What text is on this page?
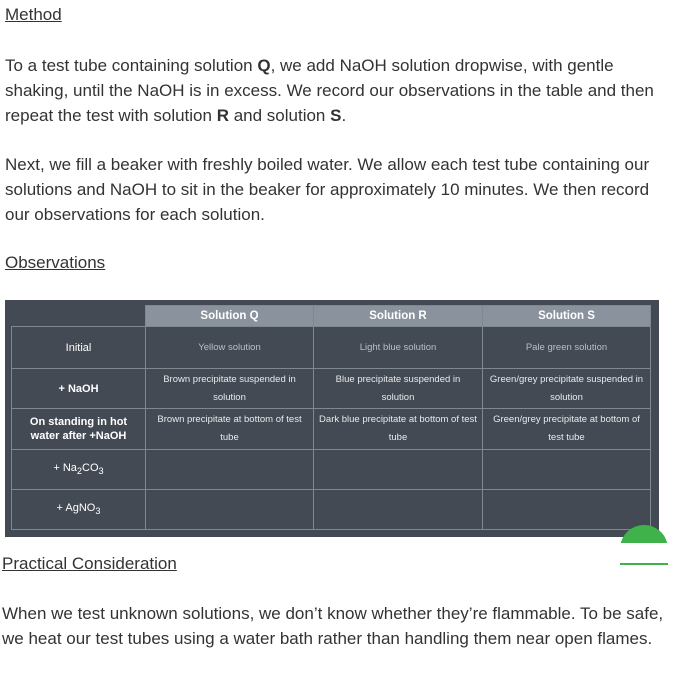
Method

To a test tube containing solution Q, we add NaOH solution dropwise, with gentle shaking, until the NaOH is in excess. We record our observations in the table and then repeat the test with solution R and solution S.

Next, we fill a beaker with freshly boiled water. We allow each test tube containing our solutions and NaOH to sit in the beaker for approximately 10 minutes. We then record our observations for each solution.

Observations
	Solution Q	Solution R	Solution S
Initial	Yellow solution	Light blue solution	Pale green solution
+ NaOH	Brown precipitate suspended in solution	Blue precipitate suspended in solution	Green/grey precipitate suspended in solution
On standing in hot water after +NaOH	Brown precipitate at bottom of test tube	Dark blue precipitate at bottom of test tube	Green/grey precipitate at bottom of test tube
+ $Na_2CO_3$			
+ AgNO$_3$			
Practical Consideration

When we test unknown solutions, we don’t know whether they’re flammable. To be safe, we heat our test tubes using a water bath rather than handling them near open flames.
